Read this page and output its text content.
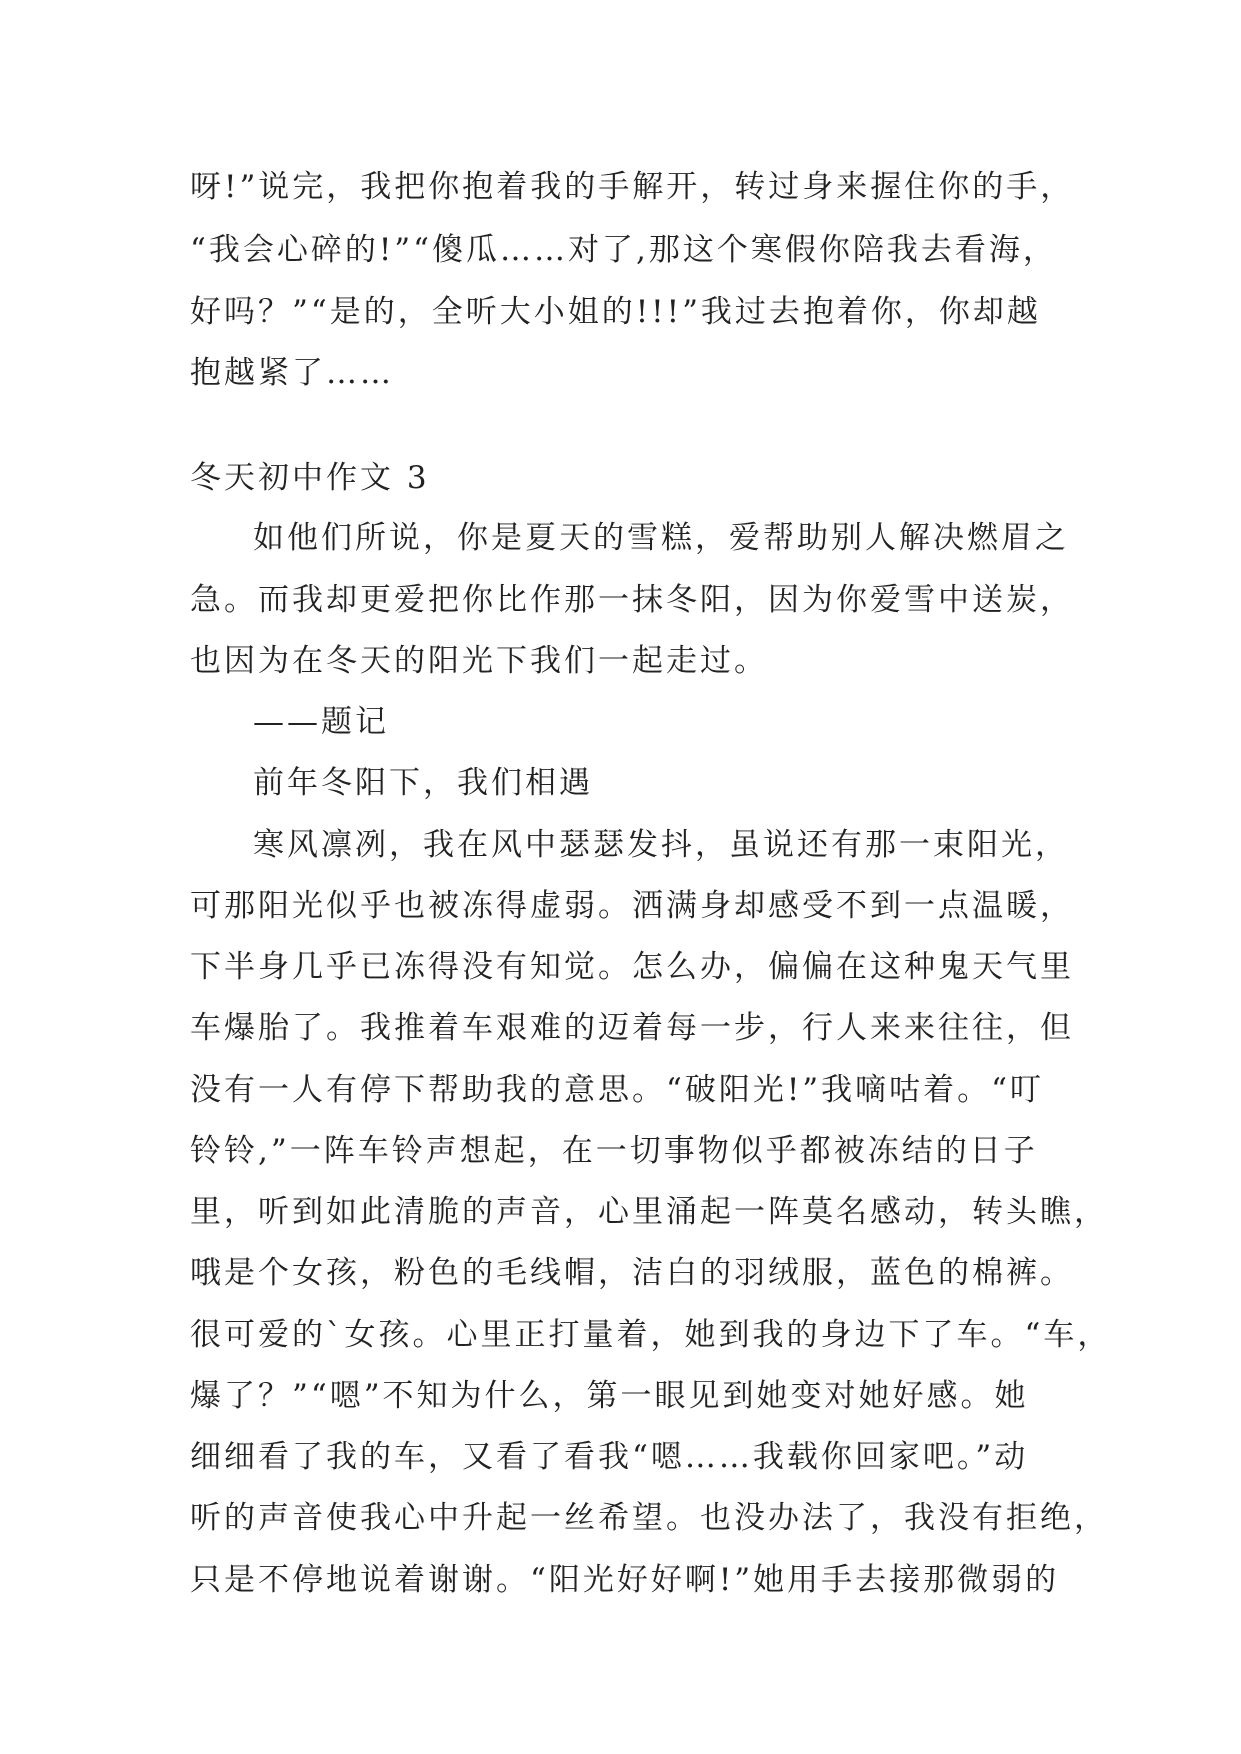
呀!”说完，我把你抱着我的手解开，转过身来握住你的手，
“我会心碎的!”“傻瓜……对了,那这个寒假你陪我去看海，
好吗？”“是的，全听大小姐的!!!”我过去抱着你，你却越
抱越紧了……
冬天初中作文 3
如他们所说，你是夏天的雪糕，爱帮助别人解决燃眉之
急。而我却更爱把你比作那一抹冬阳，因为你爱雪中送炭，
也因为在冬天的阳光下我们一起走过。
——题记
前年冬阳下，我们相遇
寒风凛冽，我在风中瑟瑟发抖，虽说还有那一束阳光，
可那阳光似乎也被冻得虚弱。洒满身却感受不到一点温暖，
下半身几乎已冻得没有知觉。怎么办，偏偏在这种鬼天气里
车爆胎了。我推着车艰难的迈着每一步，行人来来往往，但
没有一人有停下帮助我的意思。“破阳光!”我嘀咕着。“叮
铃铃,”一阵车铃声想起，在一切事物似乎都被冻结的日子
里，听到如此清脆的声音，心里涌起一阵莫名感动，转头瞧，
哦是个女孩，粉色的毛线帽，洁白的羽绒服，蓝色的棉裤。
很可爱的`女孩。心里正打量着，她到我的身边下了车。“车，
爆了？”“嗯”不知为什么，第一眼见到她变对她好感。她
细细看了我的车，又看了看我“嗯……我载你回家吧。”动
听的声音使我心中升起一丝希望。也没办法了，我没有拒绝，
只是不停地说着谢谢。“阳光好好啊!”她用手去接那微弱的
